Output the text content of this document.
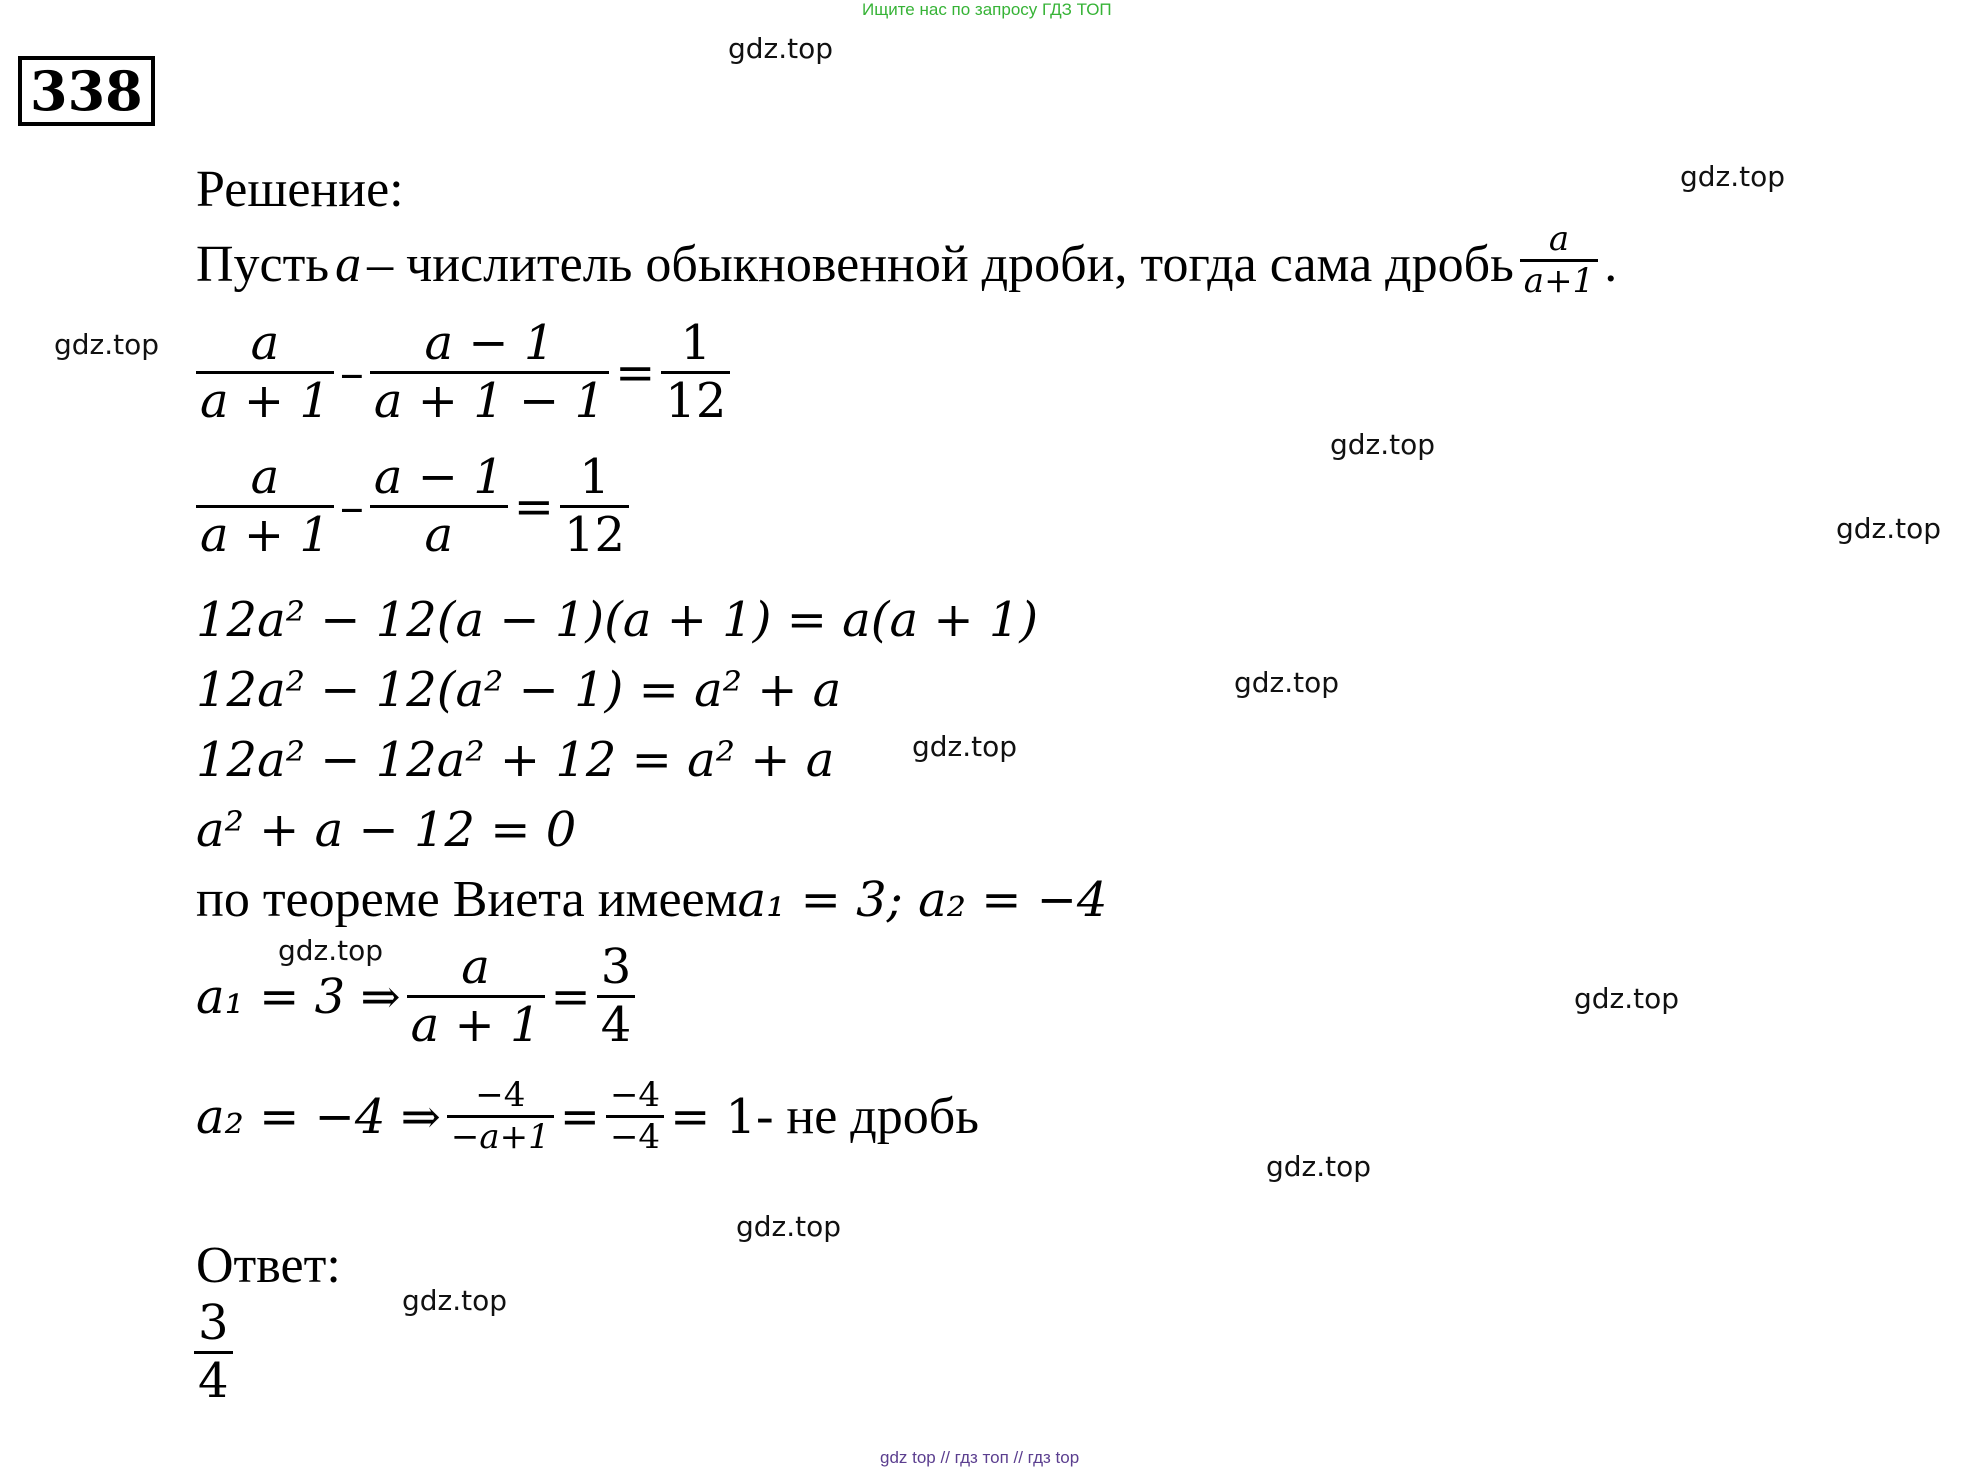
Ищите нас по запросу ГДЗ ТОП
338
gdz.top
gdz.top
gdz.top
gdz.top
gdz.top
gdz.top
gdz.top
gdz.top
gdz.top
gdz.top
gdz.top
gdz.top
Решение:
Пусть a – числитель обыкновенной дроби, тогда сама дробь $\frac{a}{a+1}$ .
$\frac{a}{a + 1} - \frac{a - 1}{a + 1 - 1} = \frac{1}{12}$
$\frac{a}{a + 1} - \frac{a - 1}{a} = \frac{1}{12}$
12a² − 12(a − 1)(a + 1) = a(a + 1)
12a² − 12(a² − 1) = a² + a
12a² − 12a² + 12 = a² + a
a² + a − 12 = 0
по теореме Виета имеем a₁ = 3; a₂ = −4
a₁ = 3 ⇒ $\frac{a}{a + 1} = \frac{3}{4}$
a₂ = −4 ⇒ $\frac{-4}{-a+1} = \frac{-4}{-4} = 1$ - не дробь
Ответ:
$\frac{3}{4}$
gdz top // гдз топ // гдз top
